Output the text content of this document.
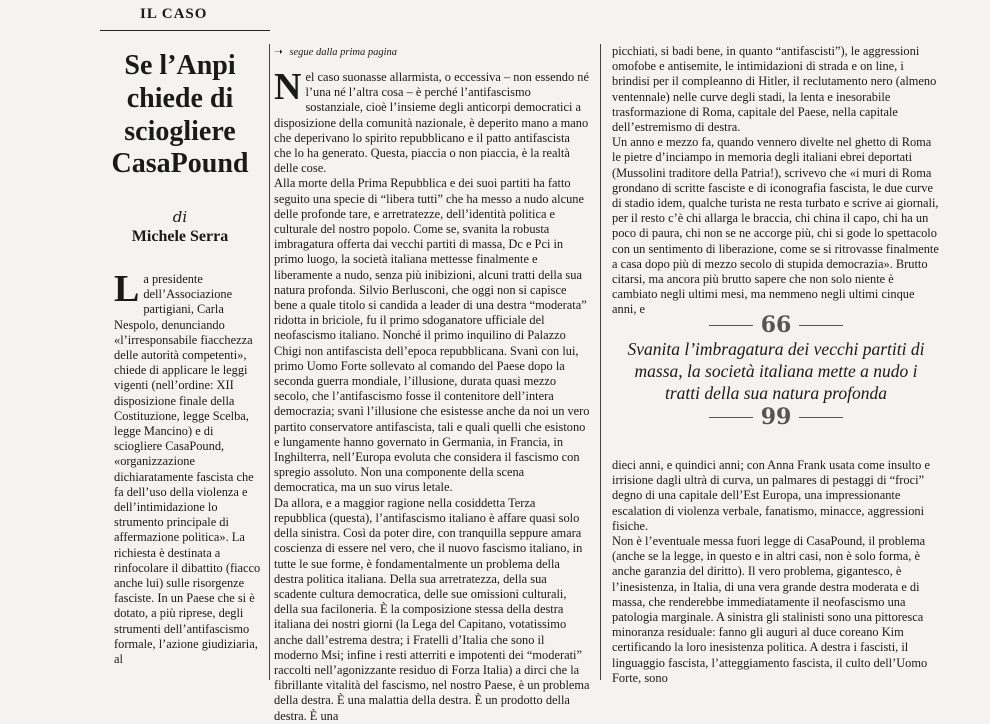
IL CASO
Se l’Anpi chiede di sciogliere CasaPound
di
Michele Serra
L a presidente dell’Associazione partigiani, Carla Nespolo, denunciando «l’irresponsabile fiacchezza delle autorità competenti», chiede di applicare le leggi vigenti (nell’ordine: XII disposizione finale della Costituzione, legge Scelba, legge Mancino) e di sciogliere CasaPound, «organizzazione dichiaratamente fascista che fa dell’uso della violenza e dell’intimidazione lo strumento principale di affermazione politica». La richiesta è destinata a rinfocolare il dibattito (fiacco anche lui) sulle risorgenze fasciste. In un Paese che si è dotato, a più riprese, degli strumenti dell’antifascismo formale, l’azione giudiziaria, al
➝ segue dalla prima pagina

Nel caso suonasse allarmista, o eccessiva – non essendo né l’una né l’altra cosa – è perché l’antifascismo sostanziale, cioè l’insieme degli anticorpi democratici a disposizione della comunità nazionale, è deperito mano a mano che deperivano lo spirito repubblicano e il patto antifascista che lo ha generato. Questa, piaccia o non piaccia, è la realtà delle cose.

Alla morte della Prima Repubblica e dei suoi partiti ha fatto seguito una specie di “libera tutti” che ha messo a nudo alcune delle profonde tare, e arretratezze, dell’identità politica e culturale del nostro popolo. Come se, svanita la robusta imbragatura offerta dai vecchi partiti di massa, Dc e Pci in primo luogo, la società italiana mettesse finalmente e liberamente a nudo, senza più inibizioni, alcuni tratti della sua natura profonda. Silvio Berlusconi, che oggi non si capisce bene a quale titolo si candida a leader di una destra “moderata” ridotta in briciole, fu il primo sdoganatore ufficiale del neofascismo italiano. Nonché il primo inquilino di Palazzo Chigi non antifascista dell’epoca repubblicana. Svanì con lui, primo Uomo Forte sollevato al comando del Paese dopo la seconda guerra mondiale, l’illusione, durata quasi mezzo secolo, che l’antifascismo fosse il contenitore dell’intera democrazia; svanì l’illusione che esistesse anche da noi un vero partito conservatore antifascista, tali e quali quelli che esistono e lungamente hanno governato in Germania, in Francia, in Inghilterra, nell’Europa evoluta che considera il fascismo con spregio assoluto. Non una componente della scena democratica, ma un suo virus letale.

Da allora, e a maggior ragione nella cosiddetta Terza repubblica (questa), l’antifascismo italiano è affare quasi solo della sinistra. Così da poter dire, con tranquilla seppure amara coscienza di essere nel vero, che il nuovo fascismo italiano, in tutte le sue forme, è fondamentalmente un problema della destra politica italiana. Della sua arretratezza, della sua scadente cultura democratica, delle sue omissioni culturali, della sua faciloneria. È la composizione stessa della destra italiana dei nostri giorni (la Lega del Capitano, votatissimo anche dall’estrema destra; i Fratelli d’Italia che sono il moderno Msi; infine i resti atterriti e impotenti dei “moderati” raccolti nell’agonizzante residuo di Forza Italia) a dirci che la fibrillante vitalità del fascismo, nel nostro Paese, è un problema della destra. È una malattia della destra. È un prodotto della destra. È una

picchiati, si badi bene, in quanto “antifascisti”), le aggressioni omofobe e antisemite, le intimidazioni di strada e on line, i brindisi per il compleanno di Hitler, il reclutamento nero (almeno ventennale) nelle curve degli stadi, la lenta e inesorabile trasformazione di Roma, capitale del Paese, nella capitale dell’estremismo di destra.

Un anno e mezzo fa, quando vennero divelte nel ghetto di Roma le pietre d’inciampo in memoria degli italiani ebrei deportati (Mussolini traditore della Patria!), scrivevo che «i muri di Roma grondano di scritte fasciste e di iconografia fascista, le due curve di stadio idem, qualche turista ne resta turbato e scrive ai giornali, per il resto c’è chi allarga le braccia, chi china il capo, chi ha un poco di paura, chi non se ne accorge più, chi si gode lo spettacolo con un sentimento di liberazione, come se si ritrovasse finalmente a casa dopo più di mezzo secolo di stupida democrazia». Brutto citarsi, ma ancora più brutto sapere che non solo niente è cambiato negli ultimi mesi, ma nemmeno negli ultimi cinque anni, e

66

Svanita l’imbragatura dei vecchi partiti di massa, la società italiana mette a nudo i tratti della sua natura profonda

99

dieci anni, e quindici anni; con Anna Frank usata come insulto e irrisione dagli ultrà di curva, un palmares di pestaggi di “froci” degno di una capitale dell’Est Europa, una impressionante escalation di violenza verbale, fanatismo, minacce, aggressioni fisiche.

Non è l’eventuale messa fuori legge di CasaPound, il problema (anche se la legge, in questo e in altri casi, non è solo forma, è anche garanzia del diritto). Il vero problema, gigantesco, è l’inesistenza, in Italia, di una vera grande destra moderata e di massa, che renderebbe immediatamente il neofascismo una patologia marginale. A sinistra gli stalinisti sono una pittoresca minoranza residuale: fanno gli auguri al duce coreano Kim certificando la loro inesistenza politica. A destra i fascisti, il linguaggio fascista, l’atteggiamento fascista, il culto dell’Uomo Forte, sono
